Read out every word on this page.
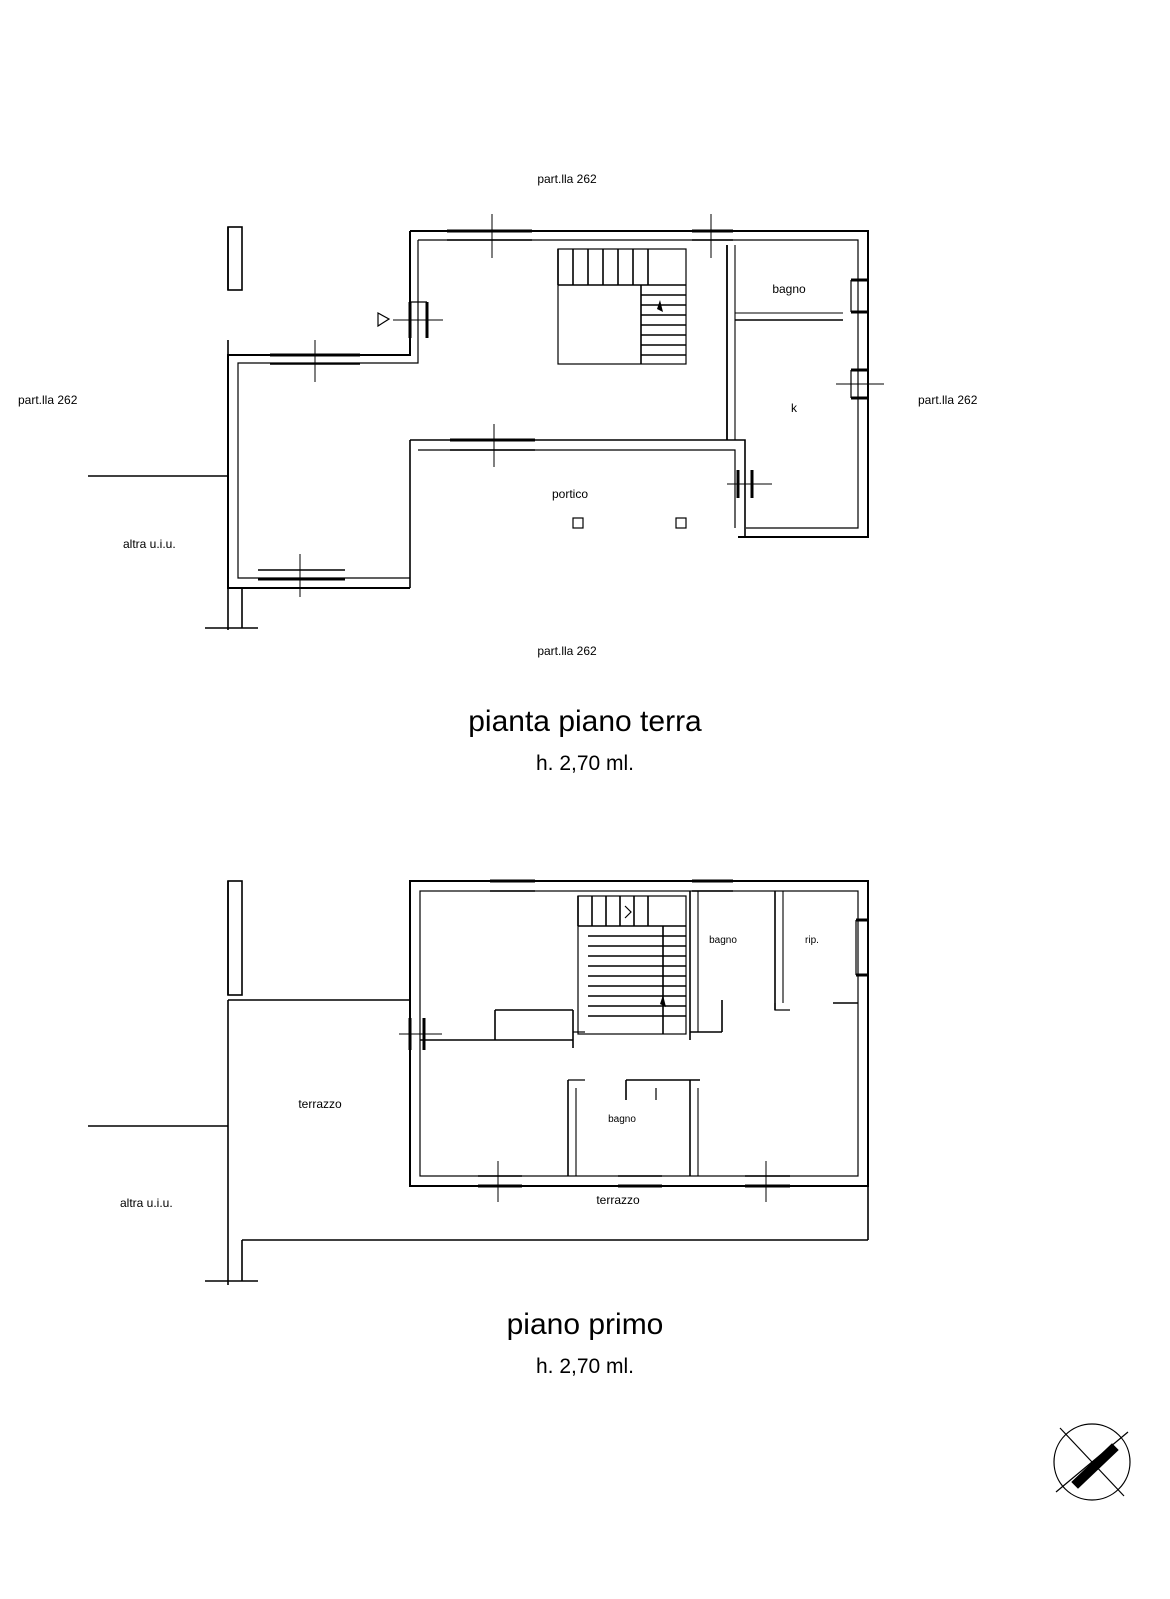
part.lla 262
part.lla 262	part.lla 262
part.lla 262
altra u.i.u.
bagno
k
portico
pianta piano terra
h. 2,70 ml.
altra u.i.u.
terrazzo
terrazzo
bagno	rip.
bagno
piano primo
h. 2,70 ml.
